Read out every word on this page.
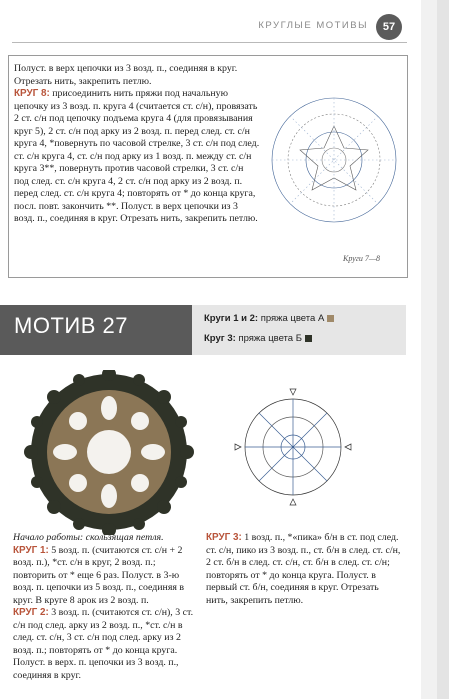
КРУГЛЫЕ МОТИВЫ 57

Полуст. в верх цепочки из 3 возд. п., соединяя в круг. Отрезать нить, закрепить петлю.

КРУГ 8: присоединить нить пряжи под начальную цепочку из 3 возд. п. круга 4 (считается ст. с/н), провязать 2 ст. с/н под цепочку подъема круга 4 (для провязывания круг 5), 2 ст. с/н под арку из 2 возд. п. перед след. ст. с/н круга 4, *повернуть по часовой стрелке, 3 ст. с/н под след. ст. с/н круга 4, ст. с/н под арку из 1 возд. п. между ст. с/н круга 3**, повернуть против часовой стрелки, 3 ст. с/н под след. ст. с/н круга 4, 2 ст. с/н под арку из 2 возд. п. перед след. ст. с/н круга 4; повторять от * до конца круга, посл. повт. закончить **. Полуст. в верх цепочки из 3 возд. п., соединяя в круг. Отрезать нить, закрепить петлю.

Круги 7—8
МОТИВ 27	Круги 1 и 2: пряжа цвета А
Круг 3: пряжа цвета Б

Начало работы: скользящая петля.

КРУГ 1: 5 возд. п. (считаются ст. с/н + 2 возд. п.), *ст. с/н в круг, 2 возд. п.; повторить от * еще 6 раз. Полуст. в 3-ю возд. п. цепочки из 5 возд. п., соединяя в круг. В круге 8 арок из 2 возд. п.

КРУГ 2: 3 возд. п. (считаются ст. с/н), 3 ст. с/н под след. арку из 2 возд. п., *ст. с/н в след. ст. с/н, 3 ст. с/н под след. арку из 2 возд. п.; повторять от * до конца круга. Полуст. в верх. п. цепочки из 3 возд. п., соединяя в круг.

КРУГ 3: 1 возд. п., *«пика» б/н в ст. под след. ст. с/н, пико из 3 возд. п., ст. б/н в след. ст. с/н, 2 ст. б/н в след. ст. с/н, ст. б/н в след. ст. с/н; повторять от * до конца круга. Полуст. в первый ст. б/н, соединяя в круг. Отрезать нить, закрепить петлю.
